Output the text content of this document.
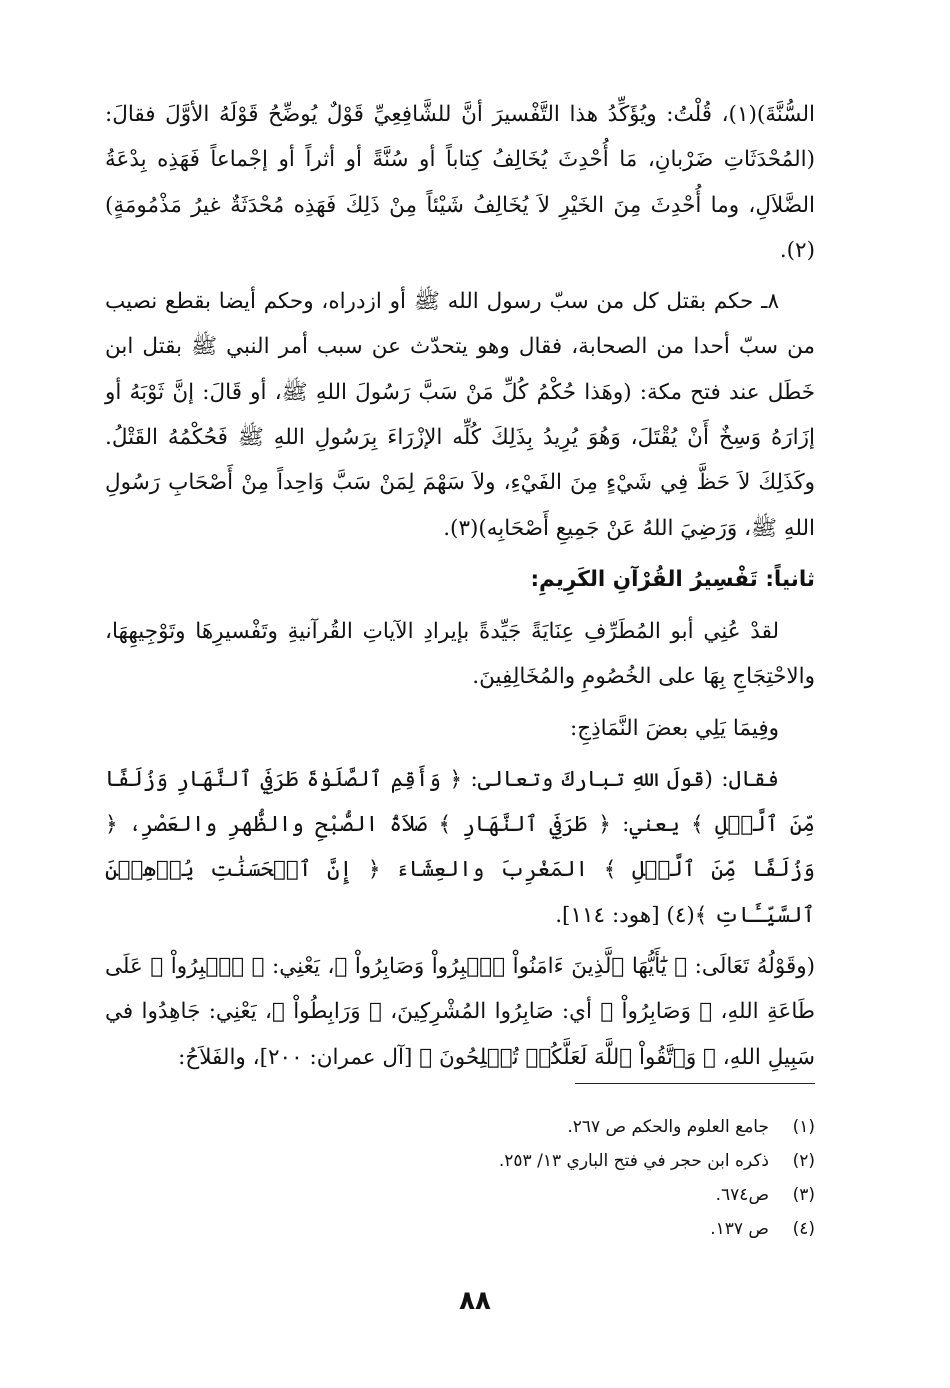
السُّنَّةَ)(١)، قُلْتُ: ويُؤَكِّدُ هذا التَّفْسيرَ أنَّ للشَّافِعِيِّ قَوْلٌ يُوضِّحُ قَوْلَهُ الأوَّلَ فقالَ: (المُحْدَثَاتِ ضَرْبانِ، مَا أُحْدِثَ يُخَالِفُ كِتاباً أو سُنَّةً أو أثراً أو إجْماعاً فَهَذِه بِدْعَةُ الضَّلاَلِ، وما أُحْدِثَ مِنَ الخَيْرِ لاَ يُخَالِفُ شَيْئاً مِنْ ذَلِكَ فَهَذِه مُحْدَثَةٌ غيرُ مَذْمُومَةٍ)(٢).

٨ـ حكم بقتل كل من سبّ رسول الله ﷺ أو ازدراه، وحكم أيضا بقطع نصيب من سبّ أحدا من الصحابة، فقال وهو يتحدّث عن سبب أمر النبي ﷺ بقتل ابن خَطَل عند فتح مكة: (وهَذا حُكْمُ كُلِّ مَنْ سَبَّ رَسُولَ اللهِ ﷺ، أو قَالَ: إنَّ ثَوْبَهُ أو إزَارَهُ وَسِخٌ أَنْ يُقْتَلَ، وَهُوَ يُرِيدُ بِذَلِكَ كُلِّه الإزْرَاءَ بِرَسُولِ اللهِ ﷺ فَحُكْمُهُ القَتْلُ. وكَذَلِكَ لاَ حَظَّ فِي شَيْءٍ مِنَ الفَيْءِ، ولاَ سَهْمَ لِمَنْ سَبَّ وَاحِداً مِنْ أَصْحَابِ رَسُولِ اللهِ ﷺ، وَرَضِيَ اللهُ عَنْ جَمِيعِ أَصْحَابِه)(٣).

ثانياً: تَفْسِيرُ القُرْآنِ الكَرِيمِ:

لقدْ عُنِي أبو المُطَرِّفِ عِنَايَةً جَيِّدةً بإيرادِ الآياتِ القُرآنيةِ وتَفْسيرِهَا وتَوْجِيهِهَا، والاحْتِجَاجِ بِهَا على الخُصُومِ والمُخَالِفِينَ.

وفِيمَا يَلِي بعضَ النَّمَاذِجِ:

فقال: (قولَ اللهِ تباركَ وتعالى: ﴿ وَأَقِمِ ٱلصَّلَوٰةَ طَرَفَيِ ٱلنَّهَارِ وَزُلَفًا مِّنَ ٱلَّيۡلِ ﴾ يعني: ﴿ طَرَفَيِ ٱلنَّهَارِ ﴾ صَلاَةُ الصُّبْحِ والظُّهرِ والعَصْرِ، ﴿ وَزُلَفًا مِّنَ ٱلَّيۡلِ ﴾ المَغْرِبَ والعِشَاءَ ﴿ إِنَّ ٱلۡحَسَنَٰتِ يُذۡهِبۡنَ ٱلسَّيِّـَٔاتِ ﴾(٤) [هود: ١١٤].

(وقَوْلُهُ تَعَالَى: ﴿ يَٰٓأَيُّهَا ٱلَّذِينَ ءَامَنُواْ ٱصۡبِرُواْ وَصَابِرُواْ ﴾، يَعْنِي: ﴿ ٱصۡبِرُواْ ﴾ عَلَى طَاعَةِ اللهِ، ﴿ وَصَابِرُواْ ﴾ أي: صَابِرُوا المُشْرِكِينَ، ﴿ وَرَابِطُواْ ﴾، يَعْنِي: جَاهِدُوا في سَبِيلِ اللهِ، ﴿ وَٱتَّقُواْ ٱللَّهَ لَعَلَّكُمۡ تُفۡلِحُونَ ﴾ [آل عمران: ٢٠٠]، والفَلاَحُ:

(١)جامع العلوم والحكم ص ٢٦٧.
(٢)ذكره ابن حجر في فتح الباري ١٣/ ٢٥٣.
(٣)ص٦٧٤.
(٤)ص ١٣٧.
٨٨
